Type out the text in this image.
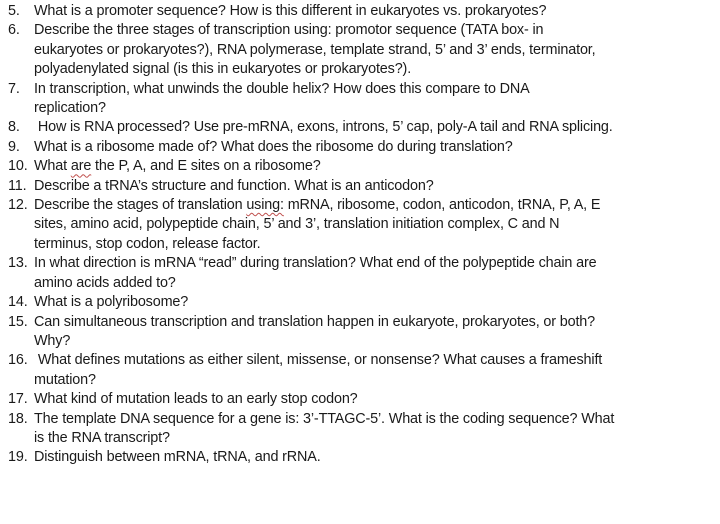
5. What is a promoter sequence? How is this different in eukaryotes vs. prokaryotes?
6. Describe the three stages of transcription using: promotor sequence (TATA box- in
eukaryotes or prokaryotes?), RNA polymerase, template strand, 5’ and 3’ ends, terminator,
polyadenylated signal (is this in eukaryotes or prokaryotes?).
7. In transcription, what unwinds the double helix? How does this compare to DNA
replication?
8. How is RNA processed? Use pre-mRNA, exons, introns, 5’ cap, poly-A tail and RNA splicing.
9. What is a ribosome made of? What does the ribosome do during translation?
10. What are the P, A, and E sites on a ribosome?
11. Describe a tRNA’s structure and function. What is an anticodon?
12. Describe the stages of translation using: mRNA, ribosome, codon, anticodon, tRNA, P, A, E
sites, amino acid, polypeptide chain, 5’ and 3’, translation initiation complex, C and N
terminus, stop codon, release factor.
13. In what direction is mRNA “read” during translation? What end of the polypeptide chain are
amino acids added to?
14. What is a polyribosome?
15. Can simultaneous transcription and translation happen in eukaryote, prokaryotes, or both?
Why?
16. What defines mutations as either silent, missense, or nonsense? What causes a frameshift
mutation?
17. What kind of mutation leads to an early stop codon?
18. The template DNA sequence for a gene is: 3’-TTAGC-5’. What is the coding sequence? What
is the RNA transcript?
19. Distinguish between mRNA, tRNA, and rRNA.
